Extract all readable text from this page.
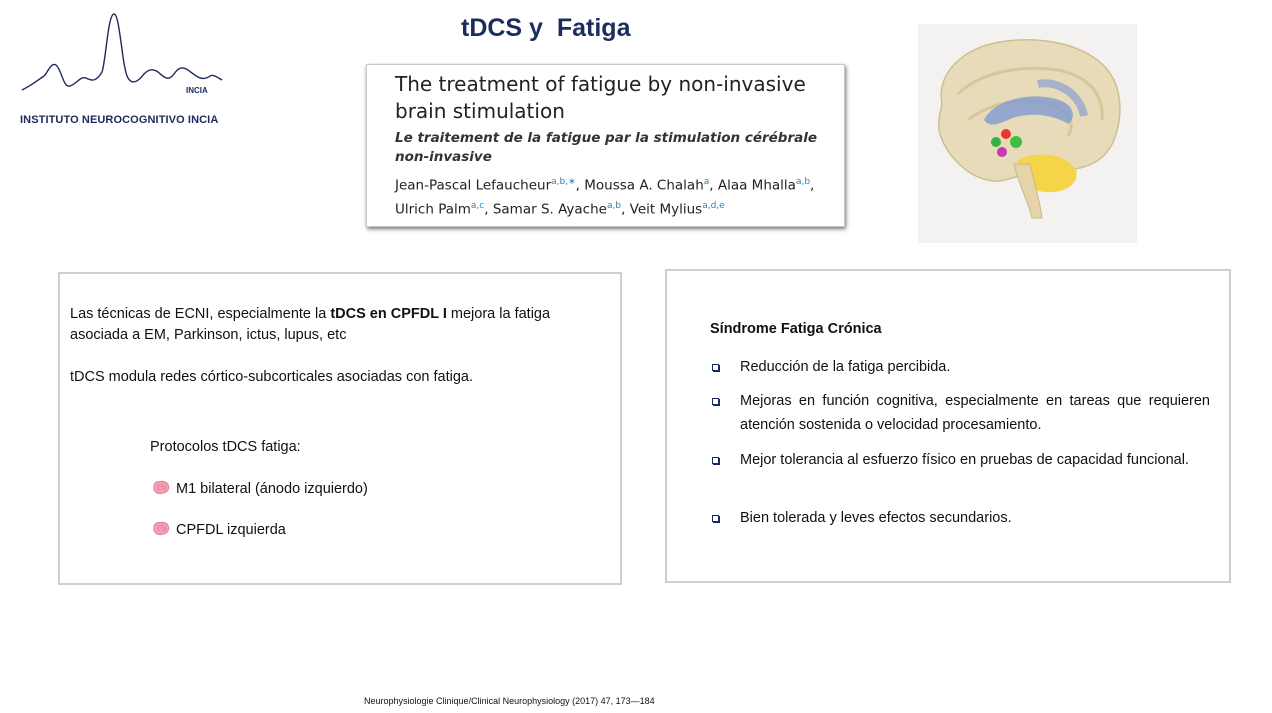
INCIA
INSTITUTO NEUROCOGNITIVO INCIA
tDCS y  Fatiga
The treatment of fatigue by non-invasive brain stimulation
Le traitement de la fatigue par la stimulation cérébrale non-invasive
Jean-Pascal Lefaucheur$^{a,b,∗}$, Moussa A. Chalah$^a$, Alaa Mhalla$^{a,b}$, Ulrich Palm$^{a,c}$, Samar S. Ayache$^{a,b}$, Veit Mylius$^{a,d,e}$
Las técnicas de ECNI, especialmente la tDCS en CPFDL I mejora la fatiga asociada a EM, Parkinson, ictus, lupus, etc
tDCS modula redes córtico-subcorticales asociadas con fatiga.
Protocolos tDCS fatiga:
M1 bilateral (ánodo izquierdo)
CPFDL izquierda
Síndrome Fatiga Crónica
Reducción de la fatiga percibida.
Mejoras en función cognitiva, especialmente en tareas que requieren atención sostenida o velocidad procesamiento.
Mejor tolerancia al esfuerzo físico en pruebas de capacidad funcional.
Bien tolerada y leves efectos secundarios.
Neurophysiologie Clinique/Clinical Neurophysiology (2017) 47, 173—184
